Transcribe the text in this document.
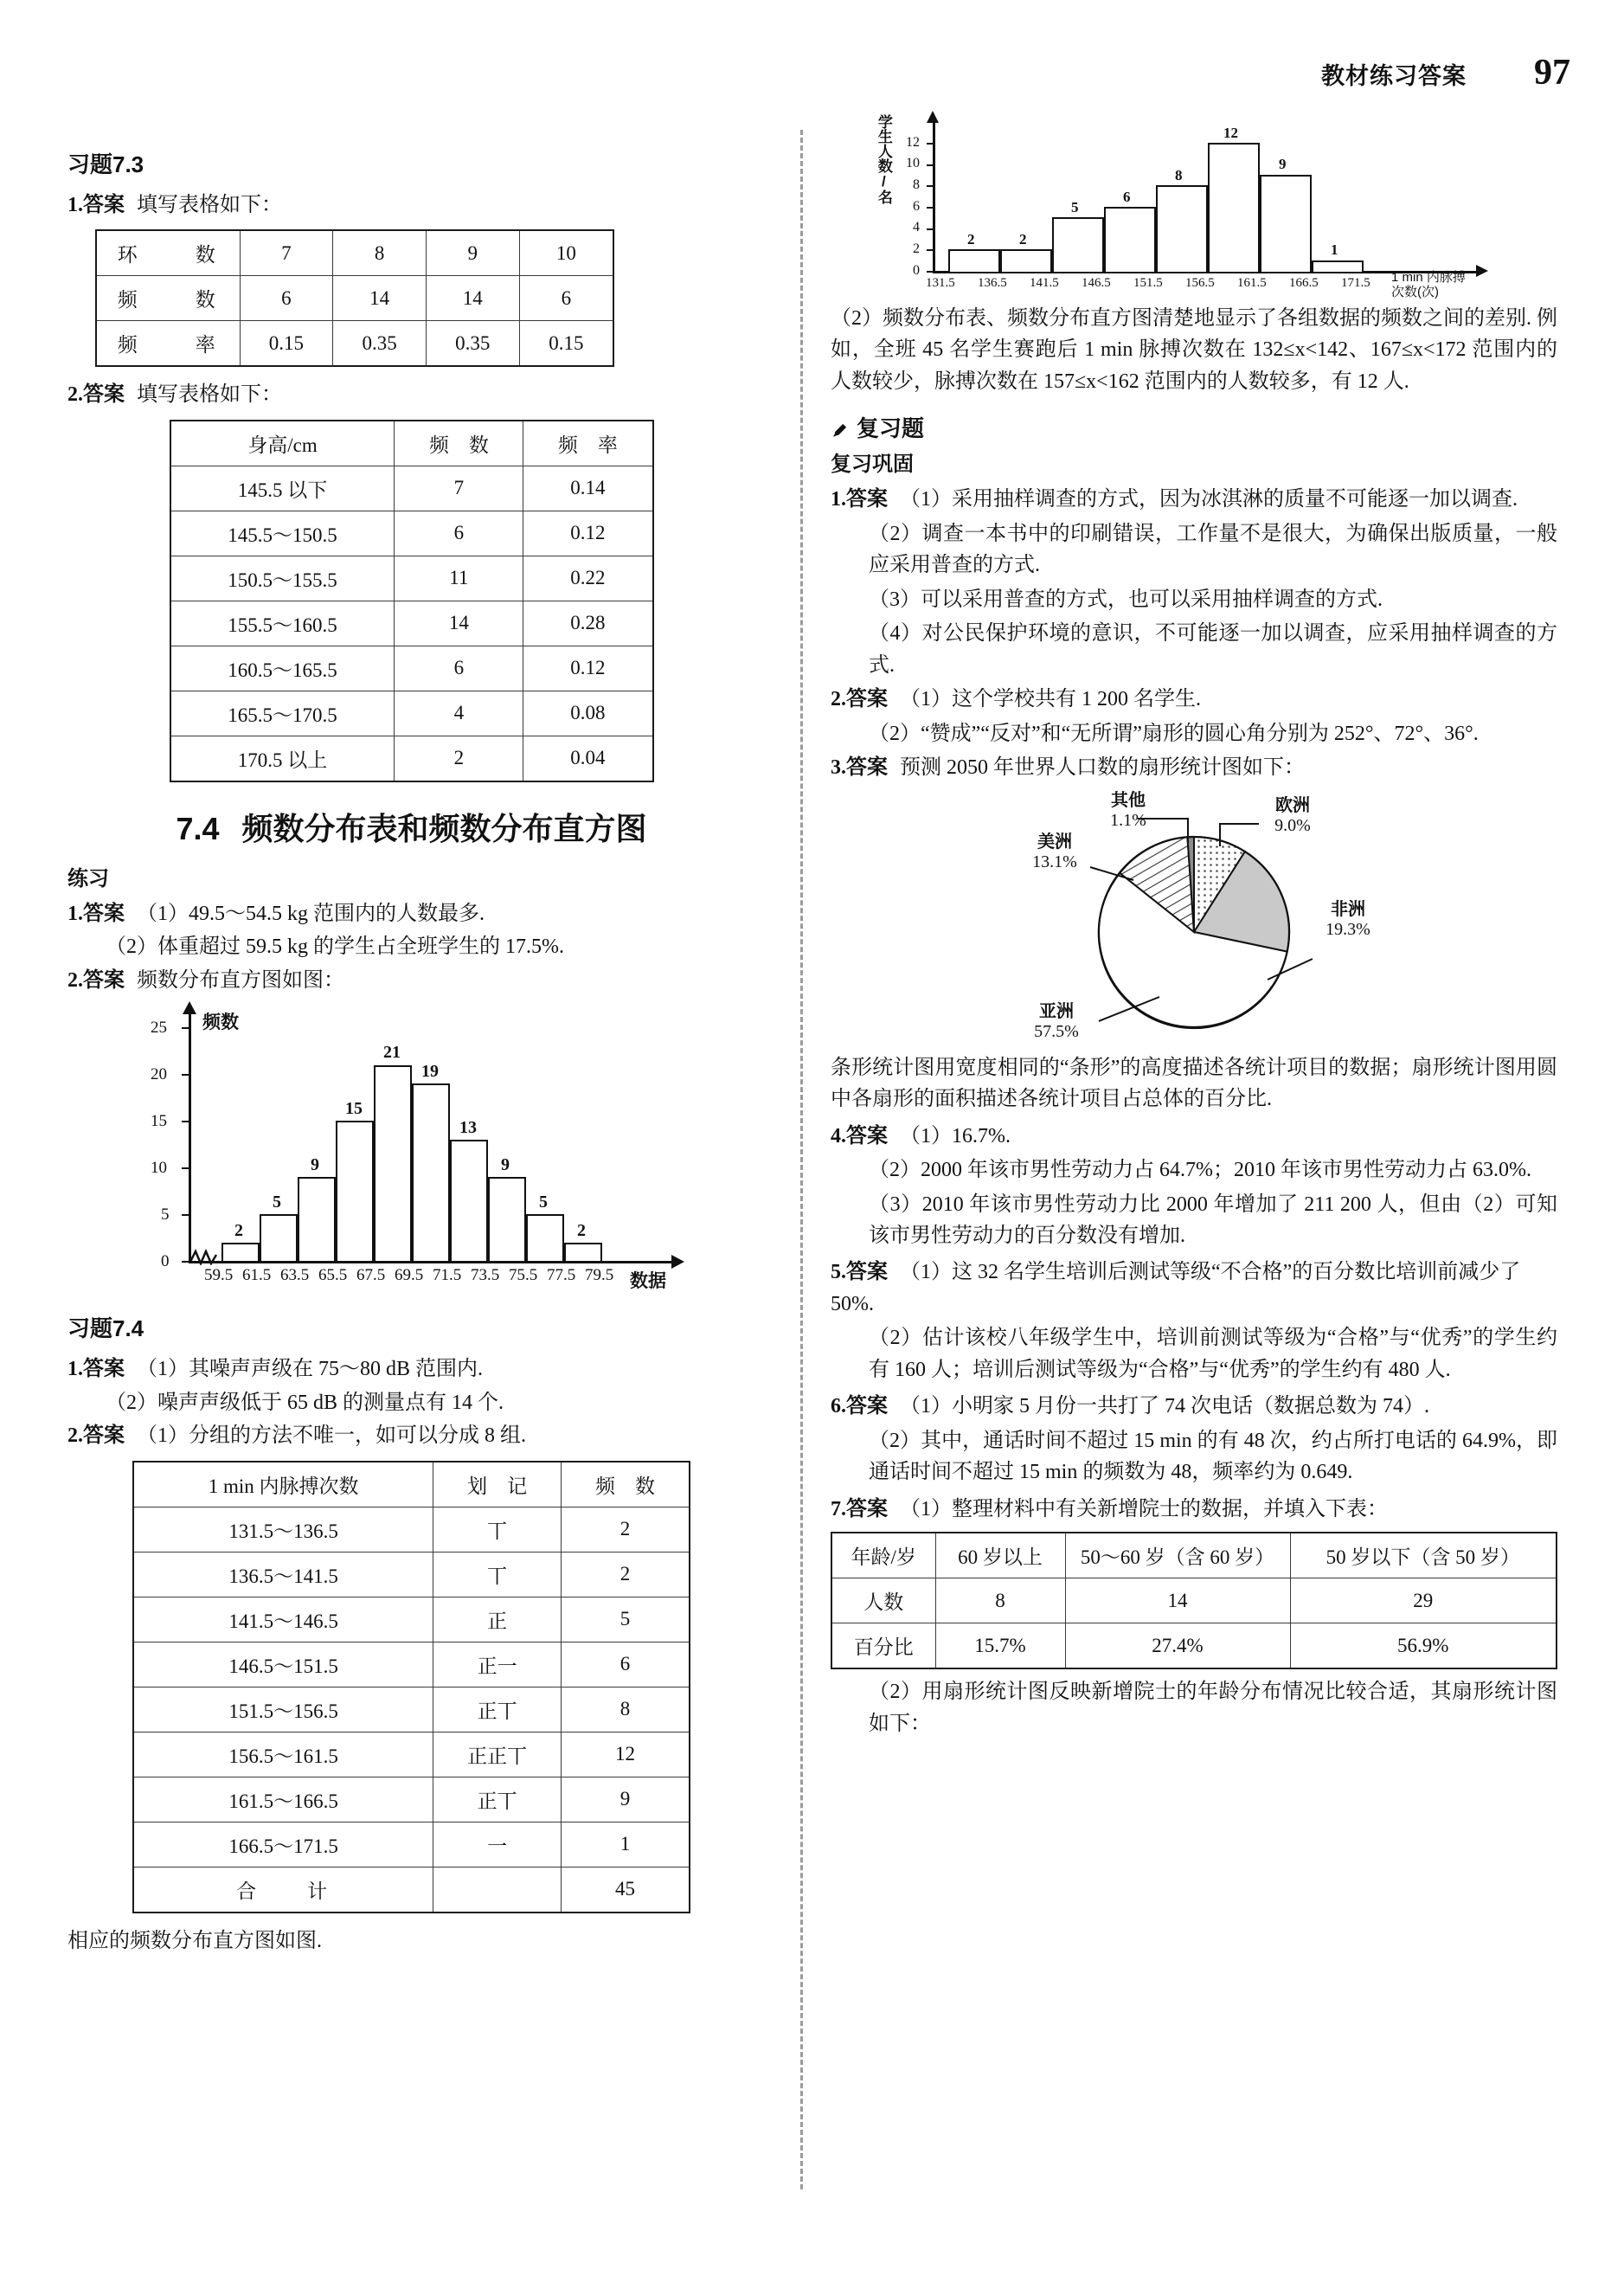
教材练习答案 97
习题7.3
1.答案 填写表格如下：
环　数	7	8	9	10
频　数	6	14	14	6
频　率	0.15	0.35	0.35	0.15
2.答案 填写表格如下：
身高/cm	频　数	频　率
145.5 以下	7	0.14
145.5～150.5	6	0.12
150.5～155.5	11	0.22
155.5～160.5	14	0.28
160.5～165.5	6	0.12
165.5～170.5	4	0.08
170.5 以上	2	0.04
7.4 频数分布表和频数分布直方图
练习
1.答案 （1）49.5～54.5 kg 范围内的人数最多.
（2）体重超过 59.5 kg 的学生占全班学生的 17.5%.
2.答案 频数分布直方图如图：
频数
数据
0
5
10
15
20
25
2
5
9
15
21
19
13
9
5
2
59.5 61.5 63.5 65.5 67.5 69.5 71.5 73.5 75.5 77.5 79.5
习题7.4
1.答案 （1）其噪声声级在 75～80 dB 范围内.
（2）噪声声级低于 65 dB 的测量点有 14 个.
2.答案 （1）分组的方法不唯一，如可以分成 8 组.
1 min 内脉搏次数	划　记	频　数
131.5～136.5	丅	2
136.5～141.5	丅	2
141.5～146.5	正	5
146.5～151.5	正一	6
151.5～156.5	正丅	8
156.5～161.5	正正丅	12
161.5～166.5	正丅	9
166.5～171.5	一	1
合　计		45
相应的频数分布直方图如图.
学生人数/名
0
2
4
6
8
10
12
2	2
5
6
8
12
9
1
131.5 136.5 141.5 146.5 151.5 156.5 161.5 166.5 171.5 1 min 内脉搏
次数(次)
（2）频数分布表、频数分布直方图清楚地显示了各组数据的频数之间的差别. 例如，全班 45 名学生赛跑后 1 min 脉搏次数在 132≤x<142、167≤x<172 范围内的人数较少，脉搏次数在 157≤x<162 范围内的人数较多，有 12 人.
复习题
复习巩固
1.答案 （1）采用抽样调查的方式，因为冰淇淋的质量不可能逐一加以调查.
（2）调查一本书中的印刷错误，工作量不是很大，为确保出版质量，一般应采用普查的方式.
（3）可以采用普查的方式，也可以采用抽样调查的方式.
（4）对公民保护环境的意识，不可能逐一加以调查，应采用抽样调查的方式.
2.答案 （1）这个学校共有 1 200 名学生.
（2）“赞成”“反对”和“无所谓”扇形的圆心角分别为 252°、72°、36°.
3.答案 预测 2050 年世界人口数的扇形统计图如下：
其他
1.1%
欧洲
9.0%
美洲
13.1%
非洲
19.3%
亚洲
57.5%
条形统计图用宽度相同的“条形”的高度描述各统计项目的数据；扇形统计图用圆中各扇形的面积描述各统计项目占总体的百分比.
4.答案 （1）16.7%.
（2）2000 年该市男性劳动力占 64.7%；2010 年该市男性劳动力占 63.0%.
（3）2010 年该市男性劳动力比 2000 年增加了 211 200 人，但由（2）可知该市男性劳动力的百分数没有增加.
5.答案 （1）这 32 名学生培训后测试等级“不合格”的百分数比培训前减少了 50%.
（2）估计该校八年级学生中，培训前测试等级为“合格”与“优秀”的学生约有 160 人；培训后测试等级为“合格”与“优秀”的学生约有 480 人.
6.答案 （1）小明家 5 月份一共打了 74 次电话（数据总数为 74）.
（2）其中，通话时间不超过 15 min 的有 48 次，约占所打电话的 64.9%，即通话时间不超过 15 min 的频数为 48，频率约为 0.649.
7.答案 （1）整理材料中有关新增院士的数据，并填入下表：
年龄/岁	60 岁以上	50～60 岁（含 60 岁）	50 岁以下（含 50 岁）
人数	8	14	29
百分比	15.7%	27.4%	56.9%
（2）用扇形统计图反映新增院士的年龄分布情况比较合适，其扇形统计图如下：
